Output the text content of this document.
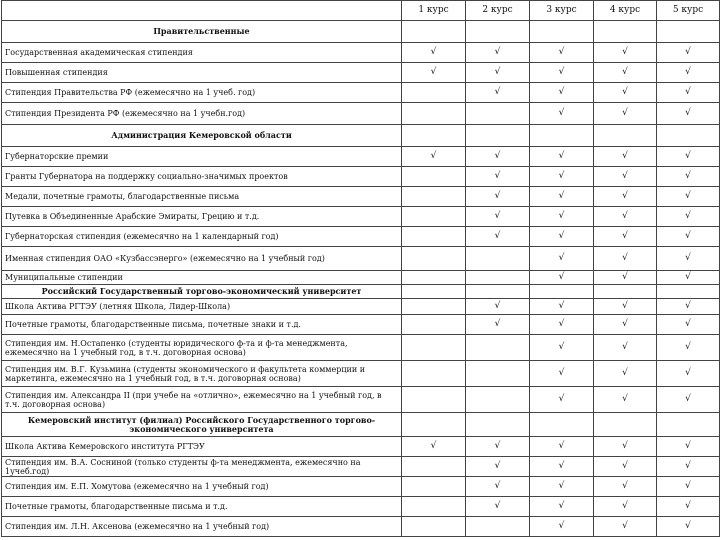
	1 курс	2 курс	3 курс	4 курс	5 курс
Правительственные					
Государственная академическая стипендия	√	√	√	√	√
Повышенная стипендия	√	√	√	√	√
Стипендия Правительства РФ (ежемесячно на 1 учеб. год)		√	√	√	√
Стипендия Президента РФ (ежемесячно на 1 учебн.год)			√	√	√
Администрация Кемеровской области					
Губернаторские премии	√	√	√	√	√
Гранты Губернатора на поддержку социально-значимых проектов		√	√	√	√
Медали, почетные грамоты, благодарственные письма		√	√	√	√
Путевка в Объединенные Арабские Эмираты, Грецию и т.д.		√	√	√	√
Губернаторская стипендия (ежемесячно на 1 календарный год)		√	√	√	√
Именная стипендия ОАО «Кузбассэнерго» (ежемесячно на 1 учебный год)			√	√	√
Муниципальные стипендии			√	√	√
Российский Государственный торгово-экономический университет					
Школа Актива РГТЭУ (летняя Школа, Лидер-Школа)		√	√	√	√
Почетные грамоты, благодарственные письма, почетные знаки и т.д.		√	√	√	√
Стипендия им. Н.Остапенко (студенты юридического ф-та и ф-та менеджмента, ежемесячно на 1 учебный год, в т.ч. договорная основа)			√	√	√
Стипендия им. В.Г. Кузьмина (студенты экономического и факультета коммерции и маркетинга, ежемесячно на 1 учебный год, в т.ч. договорная основа)			√	√	√
Стипендия им. Александра II (при учебе на «отлично», ежемесячно на 1 учебный год, в т.ч. договорная основа)			√	√	√
Кемеровский институт (филиал) Российского Государственного торгово-экономического университета					
Школа Актива Кемеровского института РГТЭУ	√	√	√	√	√
Стипендия им. В.А. Сосниной (только студенты ф-та менеджмента, ежемесячно на 1учеб.год)		√	√	√	√
Стипендия им. Е.П. Хомутова (ежемесячно на 1 учебный год)		√	√	√	√
Почетные грамоты, благодарственные письма и т.д.		√	√	√	√
Стипендия им. Л.Н. Аксенова (ежемесячно на 1 учебный год)			√	√	√
